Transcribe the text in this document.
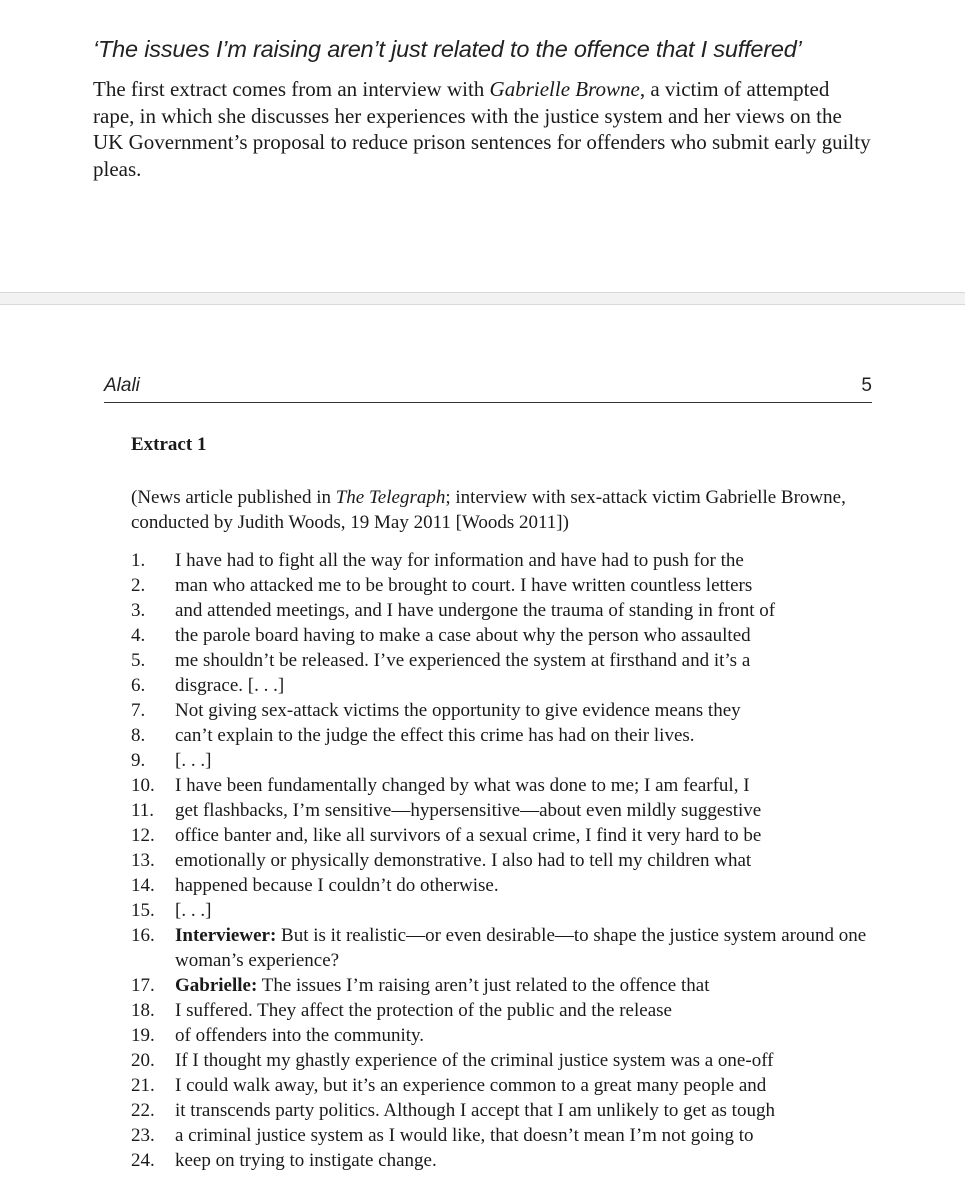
‘The issues I’m raising aren’t just related to the offence that I suffered’

The first extract comes from an interview with Gabrielle Browne, a victim of attempted rape, in which she discusses her experiences with the justice system and her views on the UK Government’s proposal to reduce prison sentences for offenders who submit early guilty pleas.

Alali	5
Extract 1
(News article published in The Telegraph; interview with sex-attack victim Gabrielle Browne, conducted by Judith Woods, 19 May 2011 [Woods 2011])
1.	I have had to fight all the way for information and have had to push for the
2.	man who attacked me to be brought to court. I have written countless letters
3.	and attended meetings, and I have undergone the trauma of standing in front of
4.	the parole board having to make a case about why the person who assaulted
5.	me shouldn’t be released. I’ve experienced the system at firsthand and it’s a
6.	disgrace. [. . .]
7.	Not giving sex-attack victims the opportunity to give evidence means they
8.	can’t explain to the judge the effect this crime has had on their lives.
9.	[. . .]
10.	I have been fundamentally changed by what was done to me; I am fearful, I
11.	get flashbacks, I’m sensitive—hypersensitive—about even mildly suggestive
12.	office banter and, like all survivors of a sexual crime, I find it very hard to be
13.	emotionally or physically demonstrative. I also had to tell my children what
14.	happened because I couldn’t do otherwise.
15.	[. . .]
16.	Interviewer: But is it realistic—or even desirable—to shape the justice system around one woman’s experience?
17.	Gabrielle: The issues I’m raising aren’t just related to the offence that
18.	I suffered. They affect the protection of the public and the release
19.	of offenders into the community.
20.	If I thought my ghastly experience of the criminal justice system was a one-off
21.	I could walk away, but it’s an experience common to a great many people and
22.	it transcends party politics. Although I accept that I am unlikely to get as tough
23.	a criminal justice system as I would like, that doesn’t mean I’m not going to
24.	keep on trying to instigate change.
